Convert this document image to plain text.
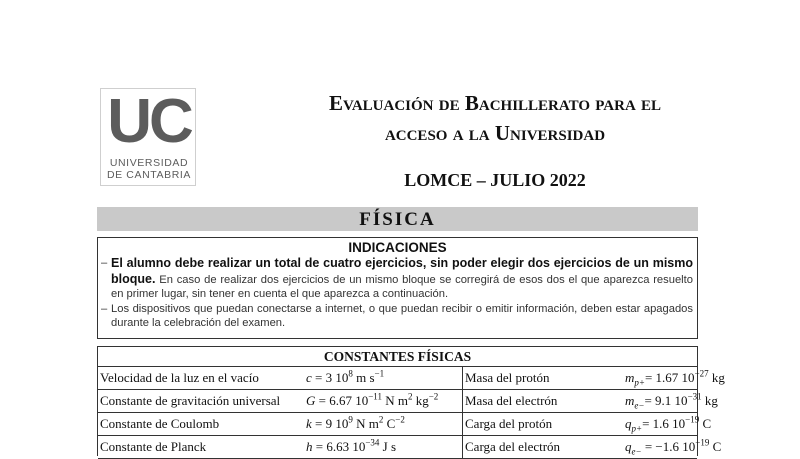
UC
UNIVERSIDAD
DE CANTABRIA
Evaluación de Bachillerato para el
acceso a la Universidad
LOMCE – JULIO 2022
FÍSICA
INDICACIONES
– El alumno debe realizar un total de cuatro ejercicios, sin poder elegir dos ejercicios de un mismo bloque. En caso de realizar dos ejercicios de un mismo bloque se corregirá de esos dos el que aparezca resuelto en primer lugar, sin tener en cuenta el que aparezca a continuación.
– Los dispositivos que puedan conectarse a internet, o que puedan recibir o emitir información, deben estar apagados durante la celebración del examen.
CONSTANTES FÍSICAS
Velocidad de la luz en el vacío	c = 3 $10^8$ m $s^{-1}$	Masa del protón	$m_{p+}= 1.67$ $10^{-27}$ kg
Constante de gravitación universal	G = 6.67 $10^{-11}$ N $m^2$ $kg^{-2}$	Masa del electrón	$m_{e-}= 9.1$ $10^{-31}$ kg
Constante de Coulomb	k = 9 $10^9$ N $m^2$ $C^{-2}$	Carga del protón	$q_{p+}= 1.6$ $10^{-19}$ C
Constante de Planck	h = 6.63 $10^{-34}$ J s	Carga del electrón	$q_{e-} = -1.6$ $10^{-19}$ C
